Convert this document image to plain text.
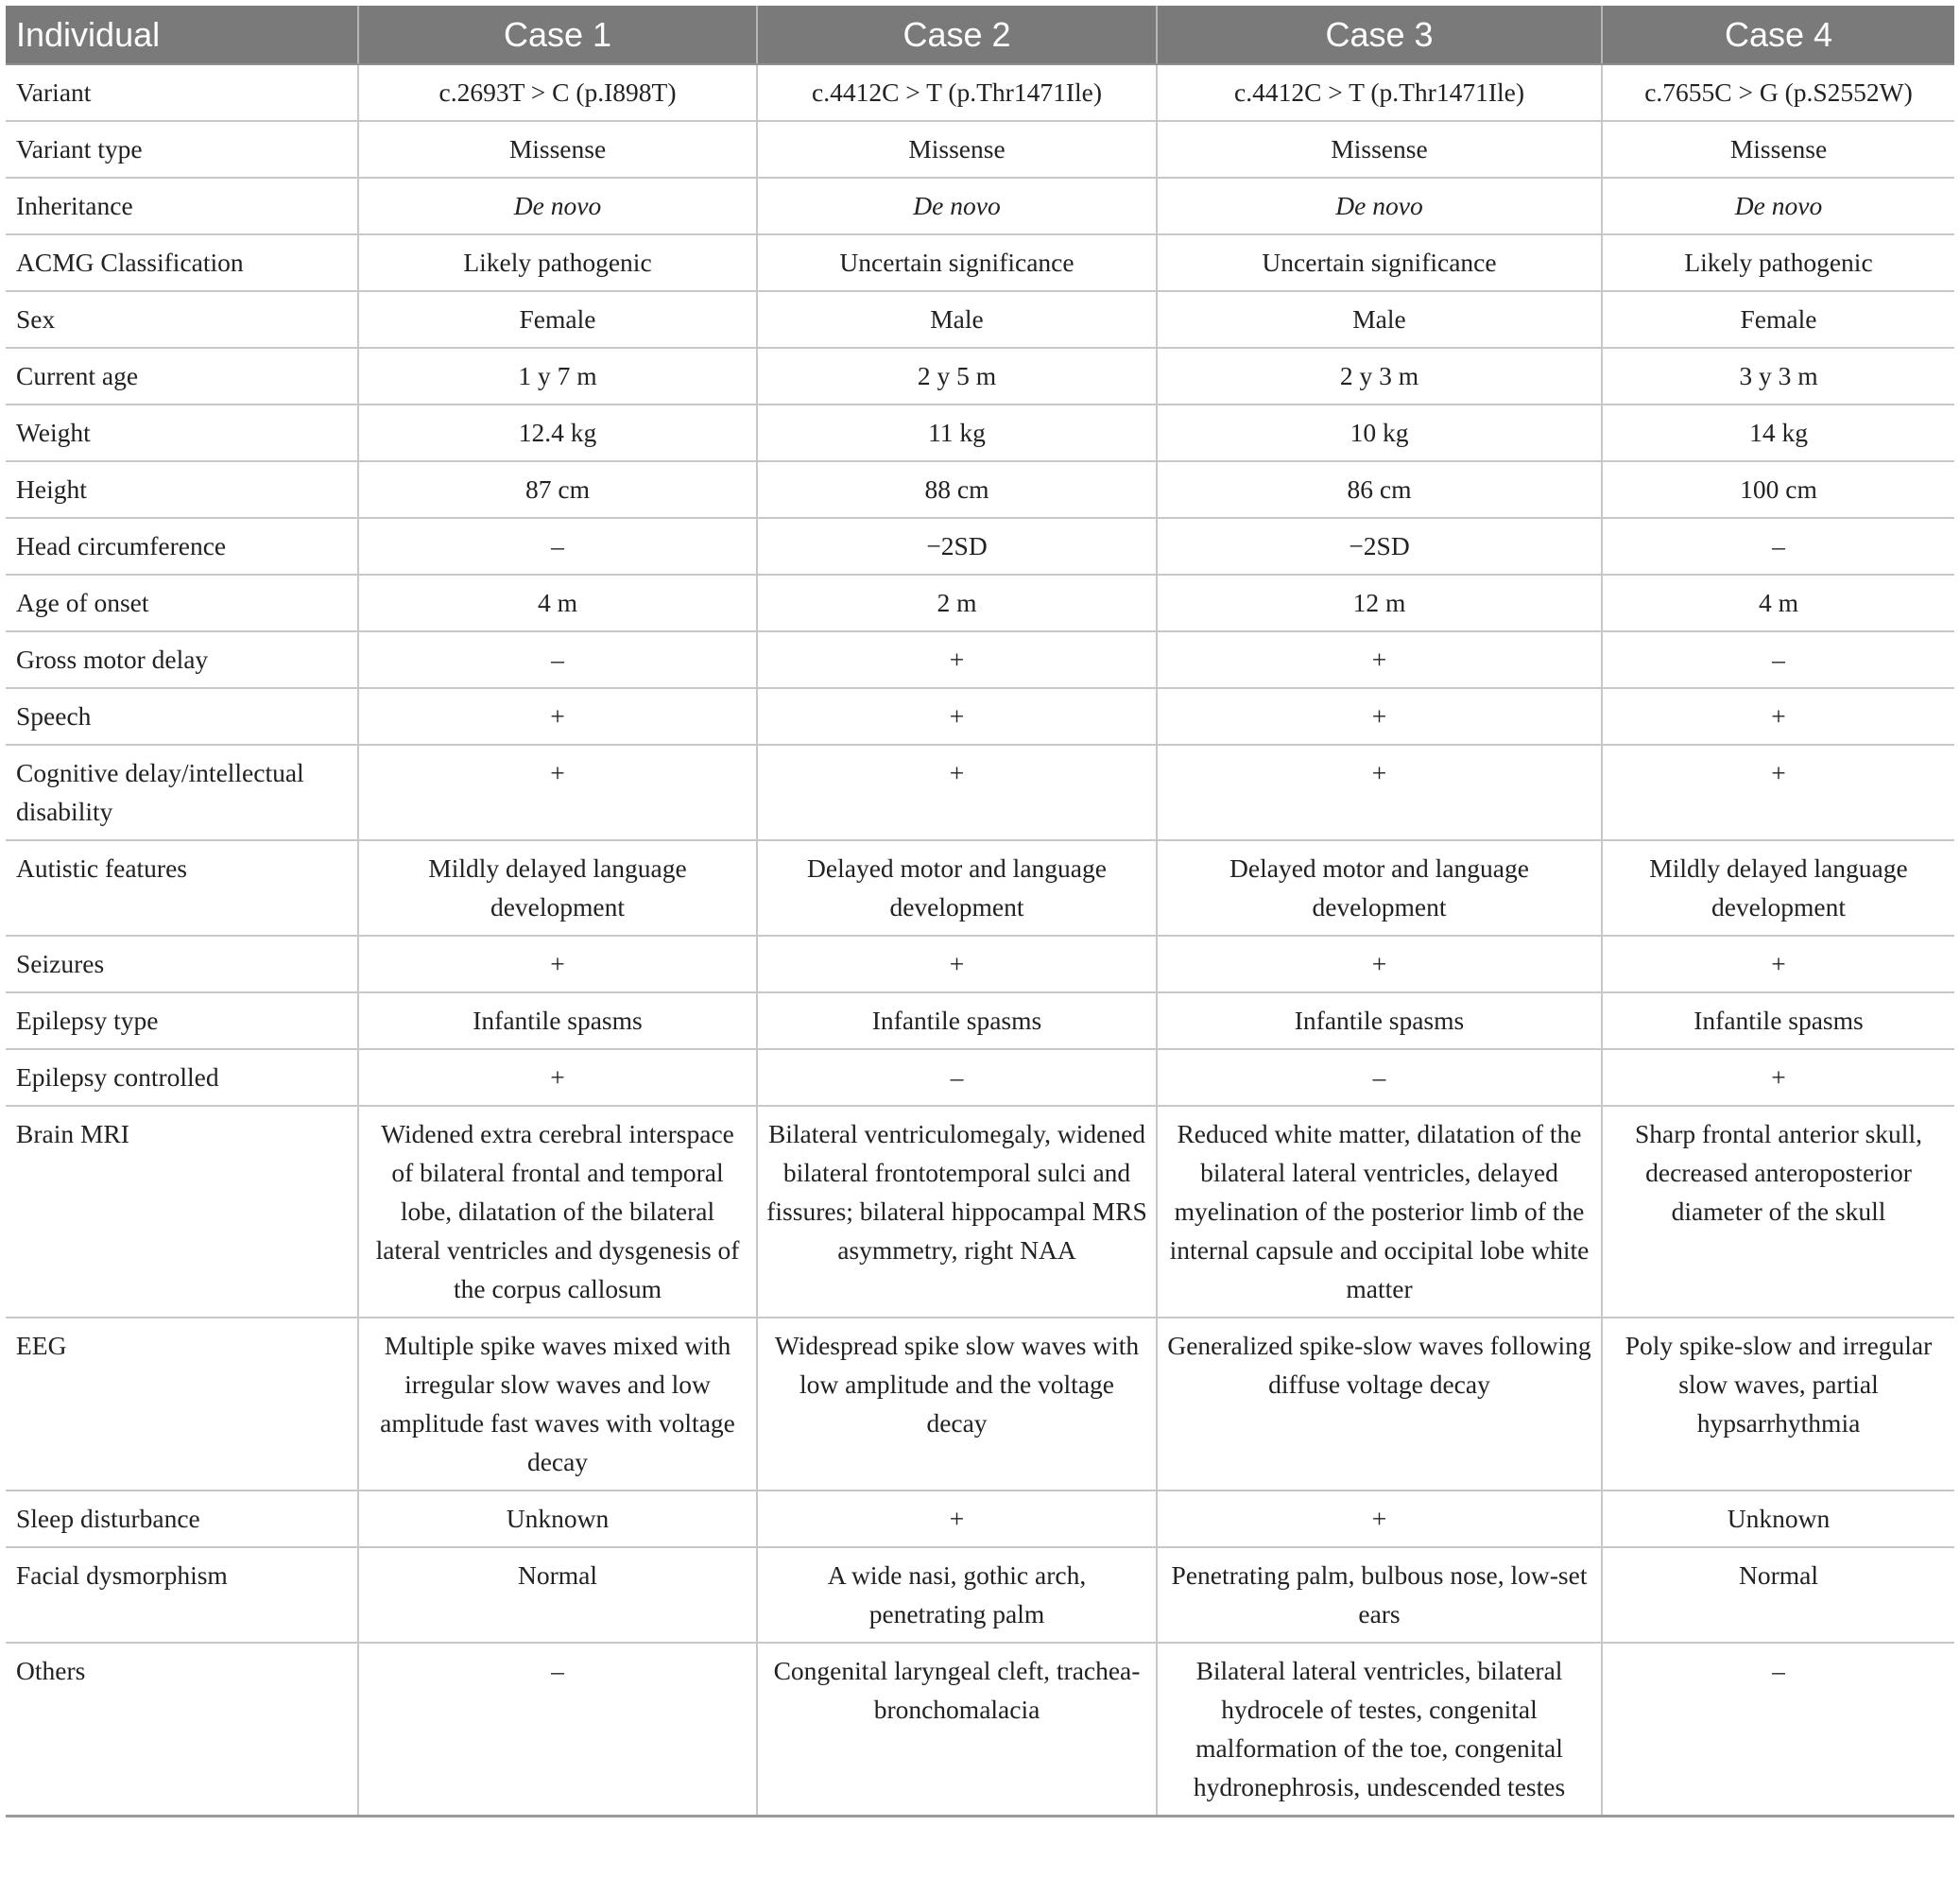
Individual	Case 1	Case 2	Case 3	Case 4
Variant	c.2693T > C (p.I898T)	c.4412C > T (p.Thr1471Ile)	c.4412C > T (p.Thr1471Ile)	c.7655C > G (p.S2552W)
Variant type	Missense	Missense	Missense	Missense
Inheritance	De novo	De novo	De novo	De novo
ACMG Classification	Likely pathogenic	Uncertain significance	Uncertain significance	Likely pathogenic
Sex	Female	Male	Male	Female
Current age	1 y 7 m	2 y 5 m	2 y 3 m	3 y 3 m
Weight	12.4 kg	11 kg	10 kg	14 kg
Height	87 cm	88 cm	86 cm	100 cm
Head circumference	–	−2SD	−2SD	–
Age of onset	4 m	2 m	12 m	4 m
Gross motor delay	–	+	+	–
Speech	+	+	+	+
Cognitive delay/intellectual disability	+	+	+	+
Autistic features	Mildly delayed language development	Delayed motor and language development	Delayed motor and language development	Mildly delayed language development
Seizures	+	+	+	+
Epilepsy type	Infantile spasms	Infantile spasms	Infantile spasms	Infantile spasms
Epilepsy controlled	+	–	–	+
Brain MRI	Widened extra cerebral interspace of bilateral frontal and temporal lobe, dilatation of the bilateral lateral ventricles and dysgenesis of the corpus callosum	Bilateral ventriculomegaly, widened bilateral frontotemporal sulci and fissures; bilateral hippocampal MRS asymmetry, right NAA	Reduced white matter, dilatation of the bilateral lateral ventricles, delayed myelination of the posterior limb of the internal capsule and occipital lobe white matter	Sharp frontal anterior skull, decreased anteroposterior diameter of the skull
EEG	Multiple spike waves mixed with irregular slow waves and low amplitude fast waves with voltage decay	Widespread spike slow waves with low amplitude and the voltage decay	Generalized spike-slow waves following diffuse voltage decay	Poly spike-slow and irregular slow waves, partial hypsarrhythmia
Sleep disturbance	Unknown	+	+	Unknown
Facial dysmorphism	Normal	A wide nasi, gothic arch, penetrating palm	Penetrating palm, bulbous nose, low-set ears	Normal
Others	–	Congenital laryngeal cleft, trachea-bronchomalacia	Bilateral lateral ventricles, bilateral hydrocele of testes, congenital malformation of the toe, congenital hydronephrosis, undescended testes	–
